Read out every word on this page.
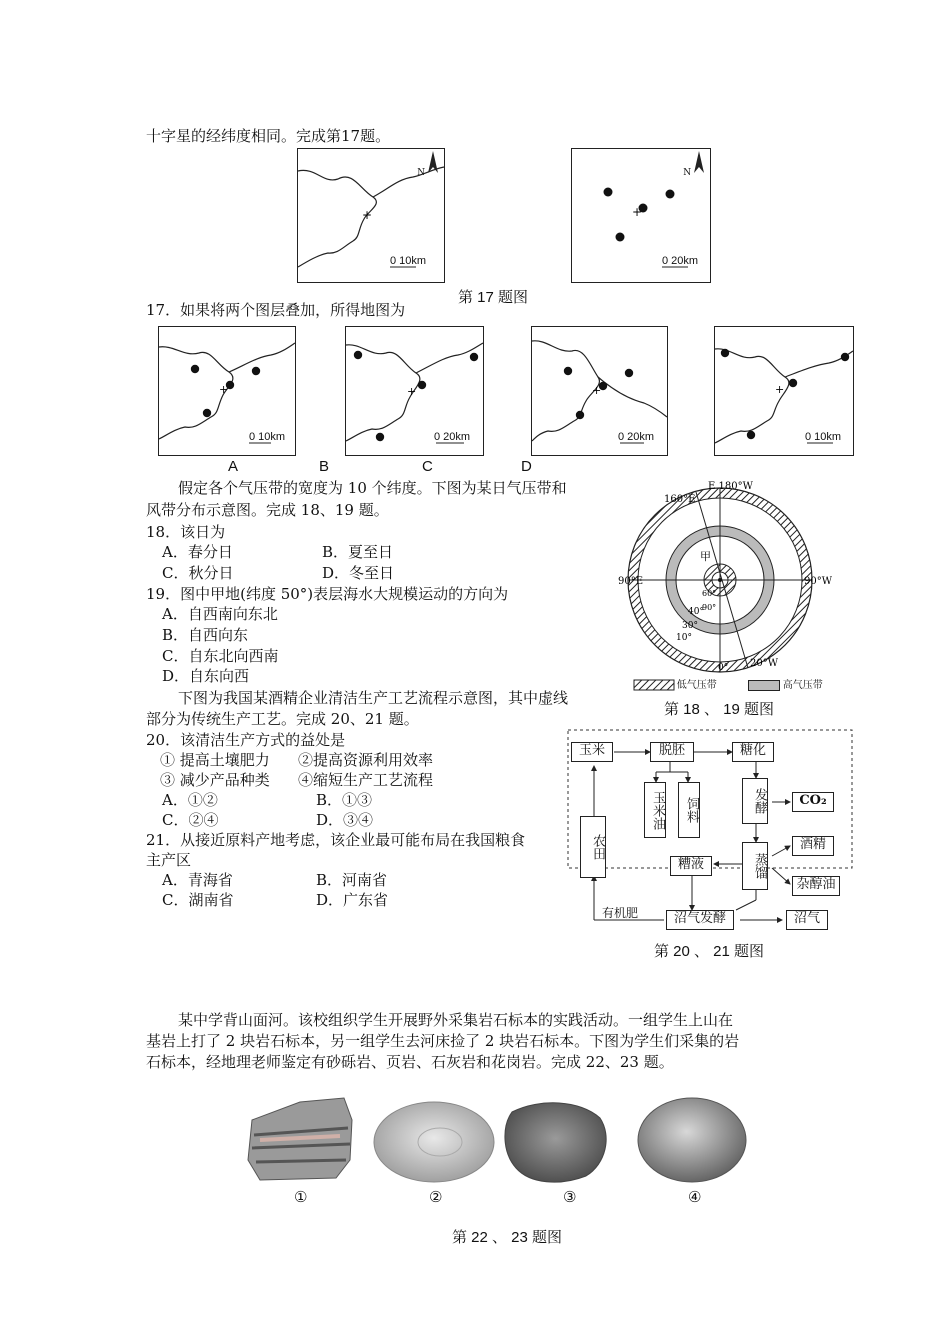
十字星的经纬度相同。完成第17题。
+
N
0 10km
+
N
0 20km
第 17 题图
17．如果将两个图层叠加，所得地图为
+
0 10km
+
0 20km
+
0 20km
+
0 10km
A	B	C	D
假定各个气压带的宽度为 10 个纬度。下图为某日气压带和
风带分布示意图。完成 18、19 题。
18．该日为
A．春分日	B．夏至日
C．秋分日	D．冬至日
19．图中甲地(纬度 50°)表层海水大规模运动的方向为
A．自西南向东北
B．自西向东
C．自东北向西南
D．自东向西
E 180°W
160°E
90°E	90°W
20°W
0°
甲
90°
60°
40°
30°
10°
低气压带	高气压带
第 18 、 19 题图
下图为我国某酒精企业清洁生产工艺流程示意图，其中虚线
部分为传统生产工艺。完成 20、21 题。
20．该清洁生产方式的益处是
① 提高土壤肥力 ②提高资源利用效率
③ 减少产品种类 ④缩短生产工艺流程
A．①②	B．①③
C．②④	D．③④
21．从接近原料产地考虑，该企业最可能布局在我国粮食
主产区
A．青海省	B．河南省
C．湖南省	D．广东省
玉米	脱胚	糖化
玉米油	饲料	发酵	CO₂
农田
糟液	蒸馏
酒精
杂醇油
沼气发酵	沼气
有机肥
第 20 、 21 题图
某中学背山面河。该校组织学生开展野外采集岩石标本的实践活动。一组学生上山在
基岩上打了 2 块岩石标本，另一组学生去河床捡了 2 块岩石标本。下图为学生们采集的岩
石标本，经地理老师鉴定有砂砾岩、页岩、石灰岩和花岗岩。完成 22、23 题。
①	②	③	④
第 22 、 23 题图
